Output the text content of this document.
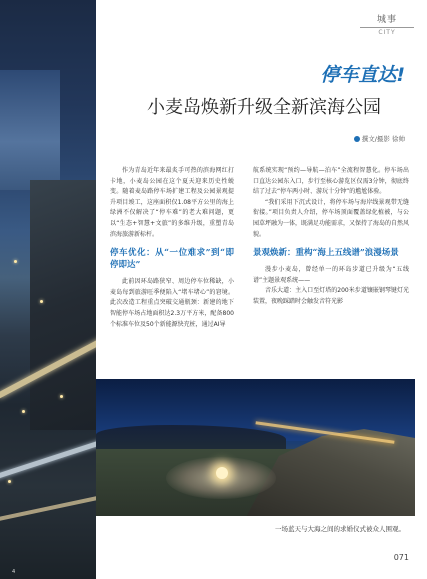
4
城事
CITY
停车直达!
小麦岛焕新升级全新滨海公园
撰文/摄影 徐帅

作为青岛近年来最炙手可热的滨海网红打卡地，小麦岛公园在这个夏天迎来历史性蜕变。随着麦岛路停车场扩建工程及公园景观提升项目竣工，这座面积仅1.08平方公里的海上绿洲不仅解决了“停车难”的老大难问题，更以“生态+智慧+文旅”的多维升级，重塑青岛滨海旅游新标杆。

停车优化：从“一位难求”到“即停即达”

此前因环岛路狭窄、周边停车位稀缺，小麦岛每到旅游旺季便陷入“堵车堵心”的窘境。此次改造工程重点突破交通瓶颈：新建的地下智能停车场占地面积达2.3万平方米，配备800个标准车位及50个新能源快充桩，通过AI导

航系统实现“预约—导航—泊车”全流程智慧化。停车场出口直达公园东入口，步行至核心游览区仅需3分钟，彻底终结了过去“停车两小时、游玩十分钟”的尴尬体验。

“我们采用下沉式设计，将停车场与海岸线景观带无缝衔接。”项目负责人介绍，停车场顶面覆盖绿化植被，与公园草坪融为一体，既满足功能需求，又保持了海岛的自然风貌。

景观焕新：重构“海上五线谱”浪漫场景

漫步小麦岛，曾经单一的环岛步道已升级为“五线谱”主题景观系统——

音乐大道：主入口至灯塔的200米步道镶嵌钢琴键灯光装置，夜晚踩踏时会触发音符光影

一场蓝天与大海之间的求婚仪式被众人围观。
071
